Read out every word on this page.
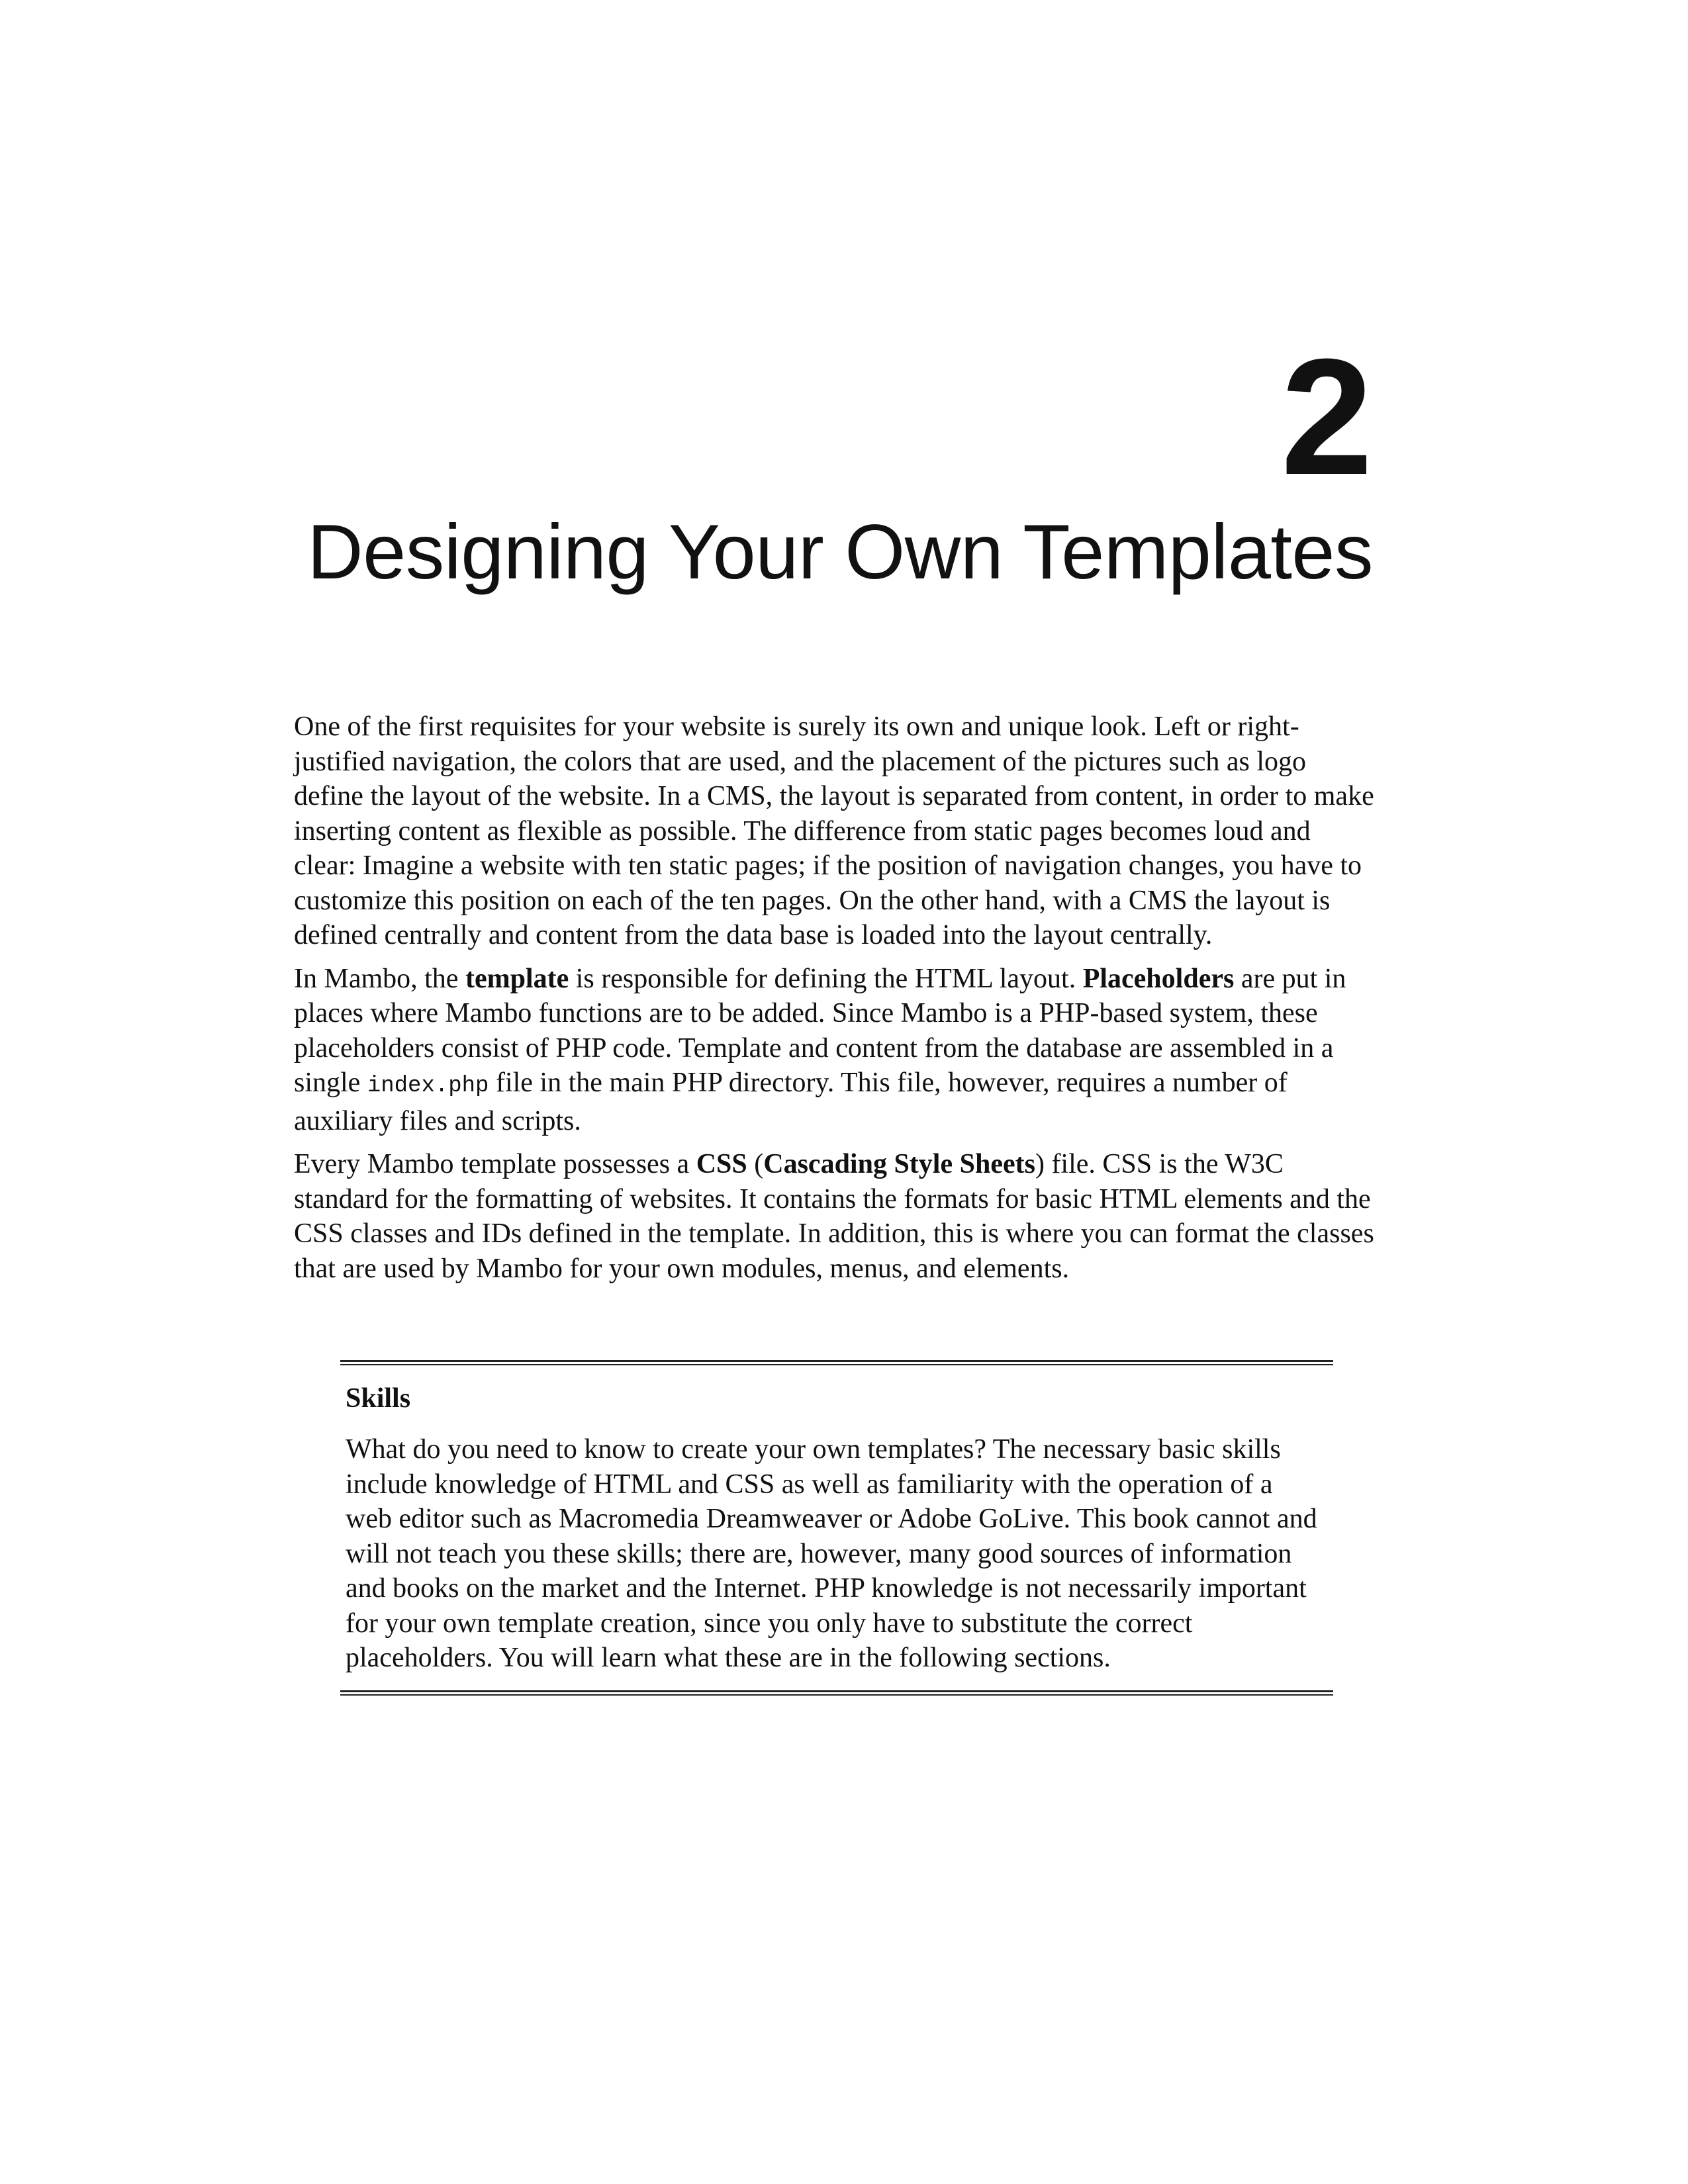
2
Designing Your Own Templates

One of the first requisites for your website is surely its own and unique look. Left or right-justified navigation, the colors that are used, and the placement of the pictures such as logo define the layout of the website. In a CMS, the layout is separated from content, in order to make inserting content as flexible as possible. The difference from static pages becomes loud and clear: Imagine a website with ten static pages; if the position of navigation changes, you have to customize this position on each of the ten pages. On the other hand, with a CMS the layout is defined centrally and content from the data base is loaded into the layout centrally.

In Mambo, the template is responsible for defining the HTML layout. Placeholders are put in places where Mambo functions are to be added. Since Mambo is a PHP-based system, these placeholders consist of PHP code. Template and content from the database are assembled in a single index.php file in the main PHP directory. This file, however, requires a number of auxiliary files and scripts.

Every Mambo template possesses a CSS (Cascading Style Sheets) file. CSS is the W3C standard for the formatting of websites. It contains the formats for basic HTML elements and the CSS classes and IDs defined in the template. In addition, this is where you can format the classes that are used by Mambo for your own modules, menus, and elements.

Skills
What do you need to know to create your own templates? The necessary basic skills include knowledge of HTML and CSS as well as familiarity with the operation of a web editor such as Macromedia Dreamweaver or Adobe GoLive. This book cannot and will not teach you these skills; there are, however, many good sources of information and books on the market and the Internet. PHP knowledge is not necessarily important for your own template creation, since you only have to substitute the correct placeholders. You will learn what these are in the following sections.
